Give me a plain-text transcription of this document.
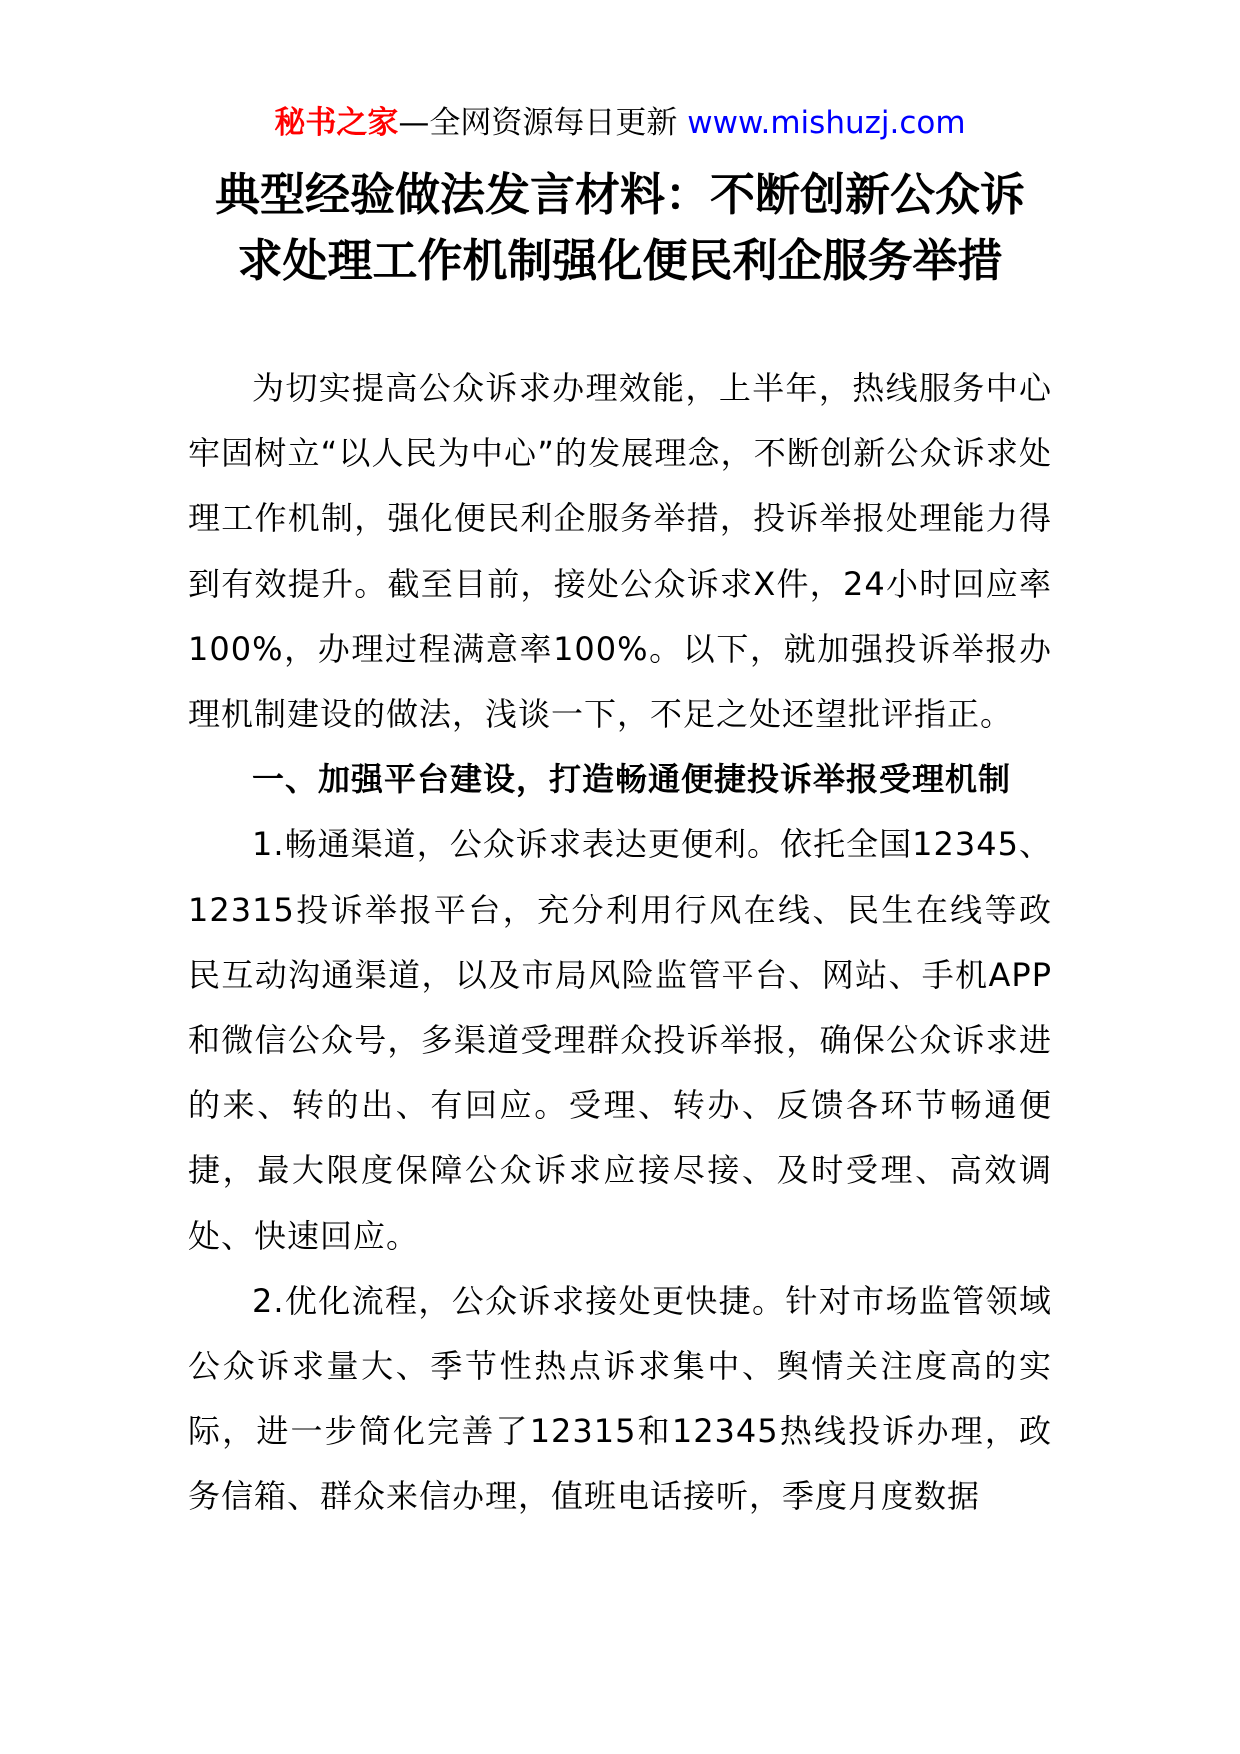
秘书之家—全网资源每日更新 www.mishuzj.com
典型经验做法发言材料：不断创新公众诉
求处理工作机制强化便民利企服务举措

为切实提高公众诉求办理效能，上半年，热线服务中心牢固树立“以人民为中心”的发展理念，不断创新公众诉求处理工作机制，强化便民利企服务举措，投诉举报处理能力得到有效提升。截至目前，接处公众诉求X件，24小时回应率100%，办理过程满意率100%。以下，就加强投诉举报办理机制建设的做法，浅谈一下，不足之处还望批评指正。

一、加强平台建设，打造畅通便捷投诉举报受理机制

1.畅通渠道，公众诉求表达更便利。依托全国12345、12315投诉举报平台，充分利用行风在线、民生在线等政民互动沟通渠道，以及市局风险监管平台、网站、手机APP和微信公众号，多渠道受理群众投诉举报，确保公众诉求进的来、转的出、有回应。受理、转办、反馈各环节畅通便捷，最大限度保障公众诉求应接尽接、及时受理、高效调处、快速回应。

2.优化流程，公众诉求接处更快捷。针对市场监管领域公众诉求量大、季节性热点诉求集中、舆情关注度高的实际，进一步简化完善了12315和12345热线投诉办理，政务信箱、群众来信办理，值班电话接听，季度月度数据
